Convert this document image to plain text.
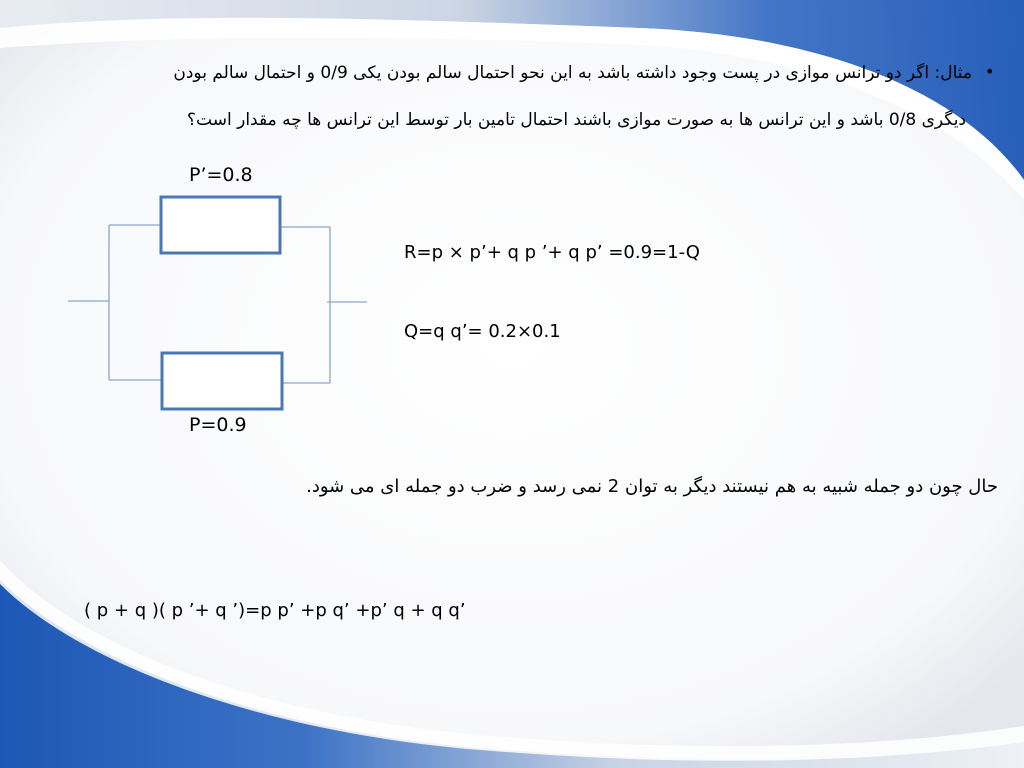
•
مثال: اگر دو ترانس موازی در پست وجود داشته باشد به این نحو احتمال سالم بودن یکی 0/9 و احتمال سالم بودن
دیگری 0/8 باشد و این ترانس ها به صورت موازی باشند احتمال تامین بار توسط این ترانس ها چه مقدار است؟
P’=0.8
P=0.9
R=p × p’+ q p ’+ q p’ =0.9=1-Q
Q=q q’= 0.2×0.1
حال چون دو جمله شبیه به هم نیستند دیگر به توان 2 نمی رسد و ضرب دو جمله ای می شود.
( p + q )( p ’+ q ’)=p p’ +p q’ +p’ q + q q’
